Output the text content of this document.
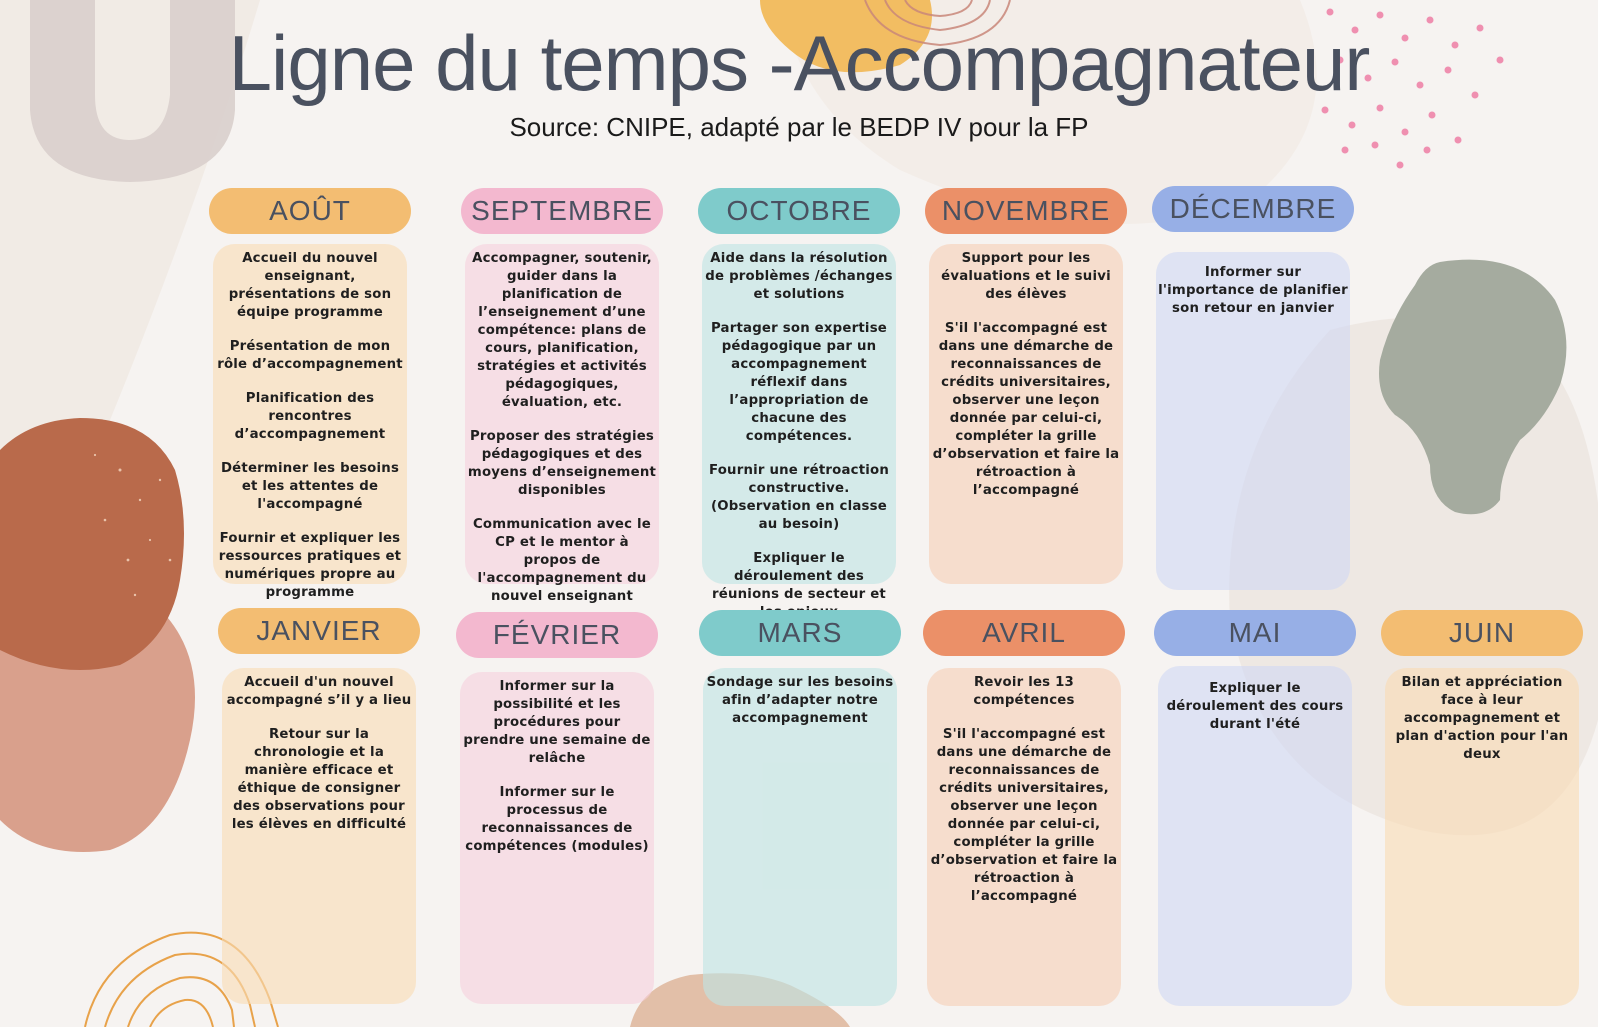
Ligne du temps -Accompagnateur

Source: CNIPE, adapté par le BEDP IV pour la FP

AOÛT

Accueil du nouvel enseignant, présentations de son équipe programme

Présentation de mon rôle d’accompagnement

Planification des rencontres d’accompagnement

Déterminer les besoins et les attentes de l'accompagné

Fournir et expliquer les ressources pratiques et numériques propre au programme

SEPTEMBRE

Accompagner, soutenir, guider dans la planification de l’enseignement d’une compétence: plans de cours, planification, stratégies et activités pédagogiques, évaluation, etc.

Proposer des stratégies pédagogiques et des moyens d’enseignement disponibles

Communication avec le CP et le mentor à propos de l'accompagnement du nouvel enseignant

OCTOBRE

Aide dans la résolution de problèmes /échanges et solutions

Partager son expertise pédagogique par un accompagnement réflexif dans l’appropriation de chacune des compétences.

Fournir une rétroaction constructive. (Observation en classe au besoin)

Expliquer le déroulement des réunions de secteur et

NOVEMBRE

Support pour les évaluations et le suivi des élèves

S'il l'accompagné est dans une démarche de reconnaissances de crédits universitaires, observer une leçon donnée par celui-ci, compléter la grille d’observation et faire la rétroaction à l’accompagné

DÉCEMBRE

Informer sur l'importance de planifier son retour en janvier

JANVIER

Accueil d'un nouvel accompagné s’il y a lieu

Retour sur la chronologie et la manière efficace et éthique de consigner des observations pour les élèves en difficulté

FÉVRIER

Informer sur la possibilité et les procédures pour prendre une semaine de relâche

Informer sur le processus de reconnaissances de compétences (modules)

MARS

Sondage sur les besoins afin d’adapter notre accompagnement

AVRIL

Revoir les 13 compétences

S'il l'accompagné est dans une démarche de reconnaissances de crédits universitaires, observer une leçon donnée par celui-ci, compléter la grille d’observation et faire la rétroaction à l’accompagné

MAI

Expliquer le déroulement des cours durant l'été

JUIN

Bilan et appréciation face à leur accompagnement et plan d'action pour l'an deux
